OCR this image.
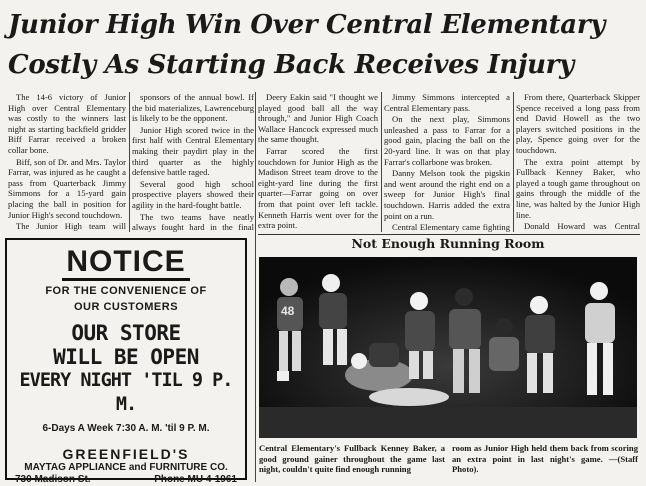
Junior High Win Over Central Elementary
Costly As Starting Back Receives Injury

The 14-6 victory of Junior High over Central Elementary was costly to the winners last night as starting backfield gridder Biff Farrar received a broken collar bone.

Biff, son of Dr. and Mrs. Taylor Farrar, was injured as he caught a pass from Quarterback Jimmy Simmons for a 15-yard gain placing the ball in position for Junior High's second touchdown.

The Junior High team will

sponsors of the annual bowl. If the bid materializes, Lawrenceburg is likely to be the opponent.

Junior High scored twice in the first half with Central Elementary making their paydirt play in the third quarter as the highly defensive battle raged.

Several good high school prospective players showed their agility in the hard-fought battle.

The two teams have neatly always fought hard in the final

Deery Eakin said "I thought we played good ball all the way through," and Junior High Coach Wallace Hancock expressed much the same thought.

Farrar scored the first touchdown for Junior High as the Madison Street team drove to the eight-yard line during the first quarter—Farrar going on over from that point over left tackle. Kenneth Harris went over for the extra point.

Jimmy Simmons intercepted a Central Elementary pass.

On the next play, Simmons unleashed a pass to Farrar for a good gain, placing the ball on the 20-yard line. It was on that play Farrar's collarbone was broken.

Danny Melson took the pigskin and went around the right end on a sweep for Junior High's final touchdown. Harris added the extra point on a run.

Central Elementary came fighting

From there, Quarterback Skipper Spence received a long pass from end David Howell as the two players switched positions in the play, Spence going over for the touchdown.

The extra point attempt by Fullback Kenney Baker, who played a tough game throughout on gains through the middle of the line, was halted by the Junior High line.

Donald Howard was Central

NOTICE
FOR THE CONVENIENCE OF
OUR CUSTOMERS
OUR STORE
WILL BE OPEN
EVERY NIGHT 'TIL 9 P. M.
6-Days A Week 7:30 A. M. 'til 9 P. M.
GREENFIELD'S
MAYTAG APPLIANCE and FURNITURE CO.
730 Madison St.	Phone MU 4-1961
Not Enough Running Room
48
Central Elementary's Fullback Kenney Baker, a good ground gainer throughout the game last night, couldn't quite find enough running
room as Junior High held them back from scoring an extra point in last night's game. —(Staff Photo).
